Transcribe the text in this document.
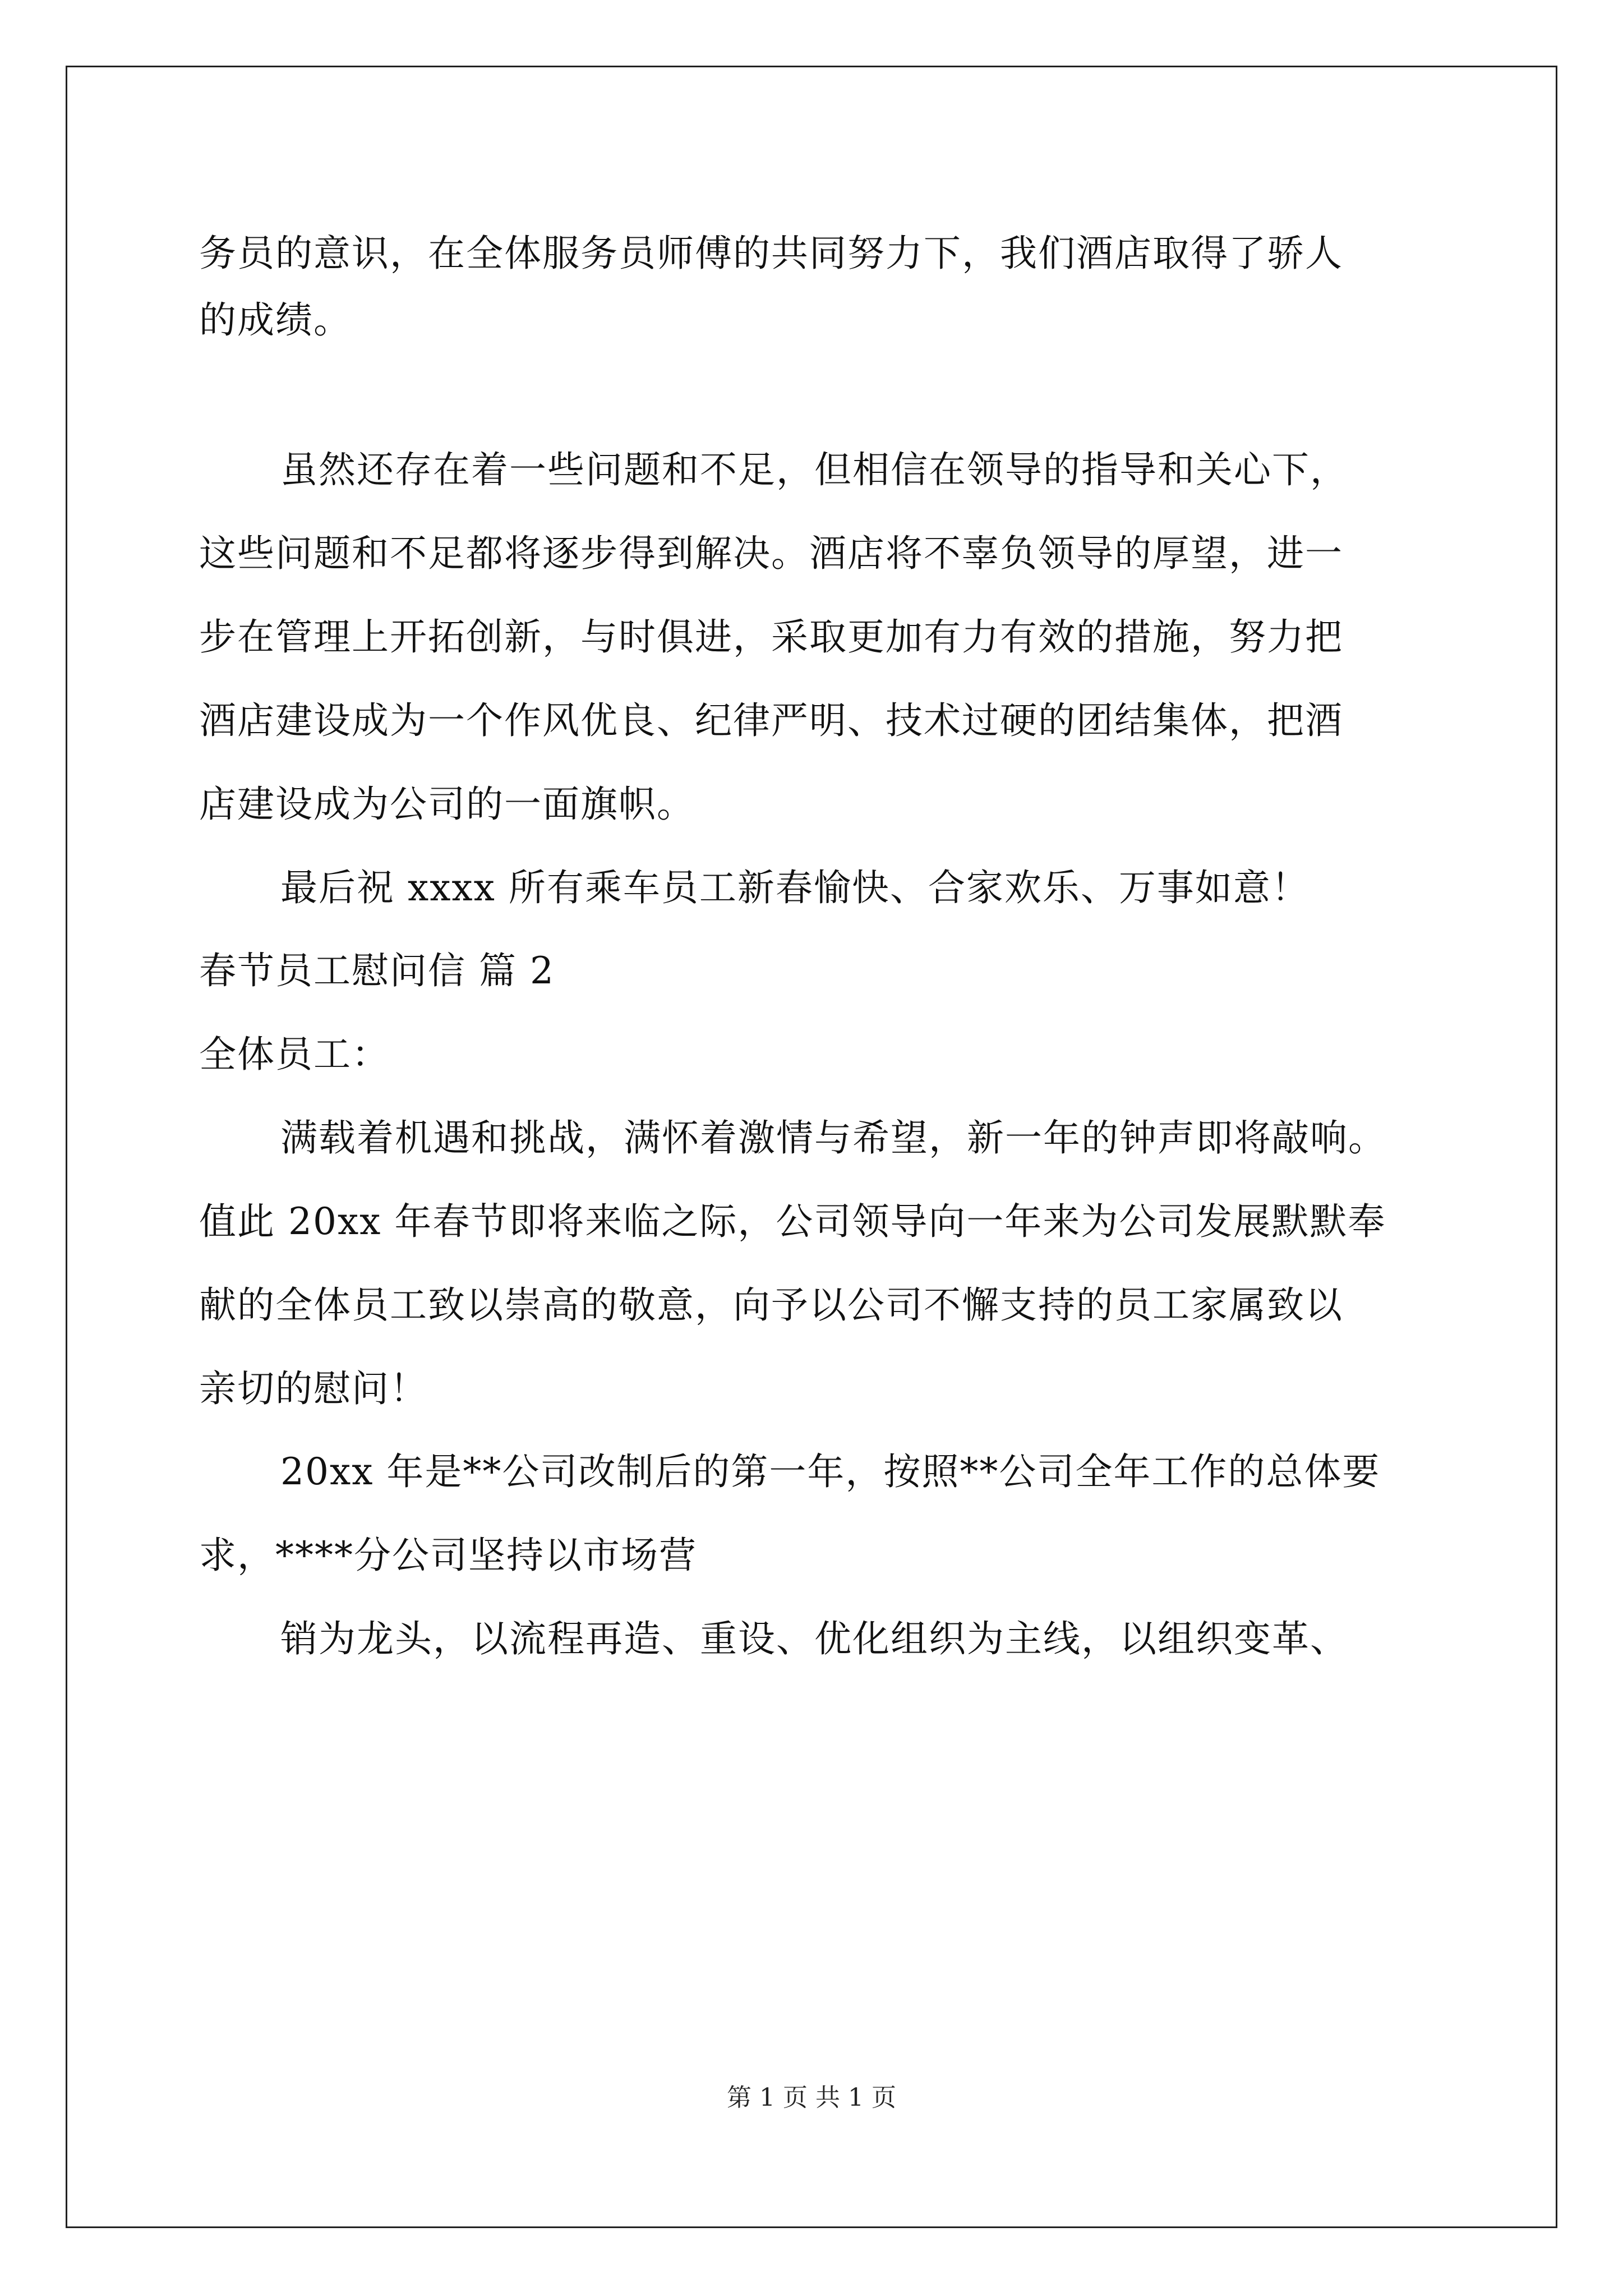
务员的意识，在全体服务员师傅的共同努力下，我们酒店取得了骄人
的成绩。
虽然还存在着一些问题和不足，但相信在领导的指导和关心下，
这些问题和不足都将逐步得到解决。酒店将不辜负领导的厚望，进一
步在管理上开拓创新，与时俱进，采取更加有力有效的措施，努力把
酒店建设成为一个作风优良、纪律严明、技术过硬的团结集体，把酒
店建设成为公司的一面旗帜。
最后祝 xxxx 所有乘车员工新春愉快、合家欢乐、万事如意！
春节员工慰问信 篇 2
全体员工：
满载着机遇和挑战，满怀着激情与希望，新一年的钟声即将敲响。
值此 20xx 年春节即将来临之际，公司领导向一年来为公司发展默默奉
献的全体员工致以崇高的敬意，向予以公司不懈支持的员工家属致以
亲切的慰问！
20xx 年是**公司改制后的第一年，按照**公司全年工作的总体要
求，****分公司坚持以市场营
销为龙头，以流程再造、重设、优化组织为主线，以组织变革、
第 1 页 共 1 页
